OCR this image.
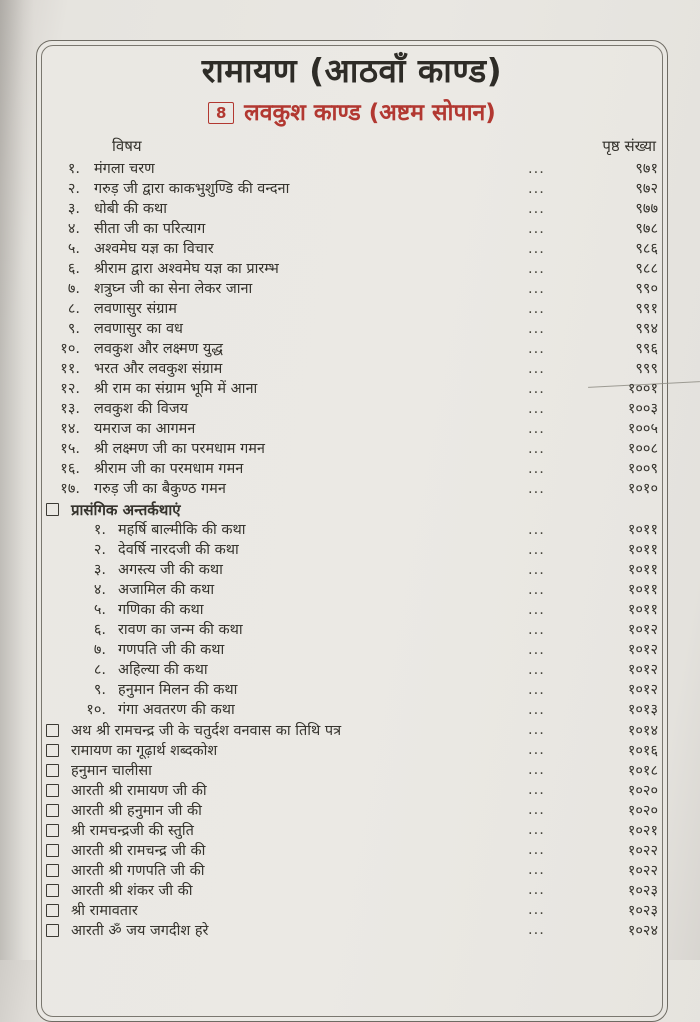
रामायण (आठवाँ काण्ड)
8 लवकुश काण्ड (अष्टम सोपान)
विषय	पृष्ठ संख्या
१. मंगला चरण	...	९७१
२. गरुड़ जी द्वारा काकभुशुण्डि की वन्दना	...	९७२
३. धोबी की कथा	...	९७७
४. सीता जी का परित्याग	...	९७८
५. अश्वमेघ यज्ञ का विचार	...	९८६
६. श्रीराम द्वारा अश्वमेघ यज्ञ का प्रारम्भ	...	९८८
७. शत्रुघ्न जी का सेना लेकर जाना	...	९९०
८. लवणासुर संग्राम	...	९९१
९. लवणासुर का वध	...	९९४
१०. लवकुश और लक्ष्मण युद्ध	...	९९६
११. भरत और लवकुश संग्राम	...	९९९
१२. श्री राम का संग्राम भूमि में आना	...	१००१
१३. लवकुश की विजय	...	१००३
१४. यमराज का आगमन	...	१००५
१५. श्री लक्ष्मण जी का परमधाम गमन	...	१००८
१६. श्रीराम जी का परमधाम गमन	...	१००९
१७. गरुड़ जी का बैकुण्ठ गमन	...	१०१०
प्रासंगिक अन्तर्कथाएं
१. महर्षि बाल्मीकि की कथा	...	१०११
२. देवर्षि नारदजी की कथा	...	१०११
३. अगस्त्य जी की कथा	...	१०११
४. अजामिल की कथा	...	१०११
५. गणिका की कथा	...	१०११
६. रावण का जन्म की कथा	...	१०१२
७. गणपति जी की कथा	...	१०१२
८. अहिल्या की कथा	...	१०१२
९. हनुमान मिलन की कथा	...	१०१२
१०. गंगा अवतरण की कथा	...	१०१३
अथ श्री रामचन्द्र जी के चतुर्दश वनवास का तिथि पत्र	...	१०१४
रामायण का गूढ़ार्थ शब्दकोश	...	१०१६
हनुमान चालीसा	...	१०१८
आरती श्री रामायण जी की	...	१०२०
आरती श्री हनुमान जी की	...	१०२०
श्री रामचन्द्रजी की स्तुति	...	१०२१
आरती श्री रामचन्द्र जी की	...	१०२२
आरती श्री गणपति जी की	...	१०२२
आरती श्री शंकर जी की	...	१०२३
श्री रामावतार	...	१०२३
आरती ॐ जय जगदीश हरे	...	१०२४
